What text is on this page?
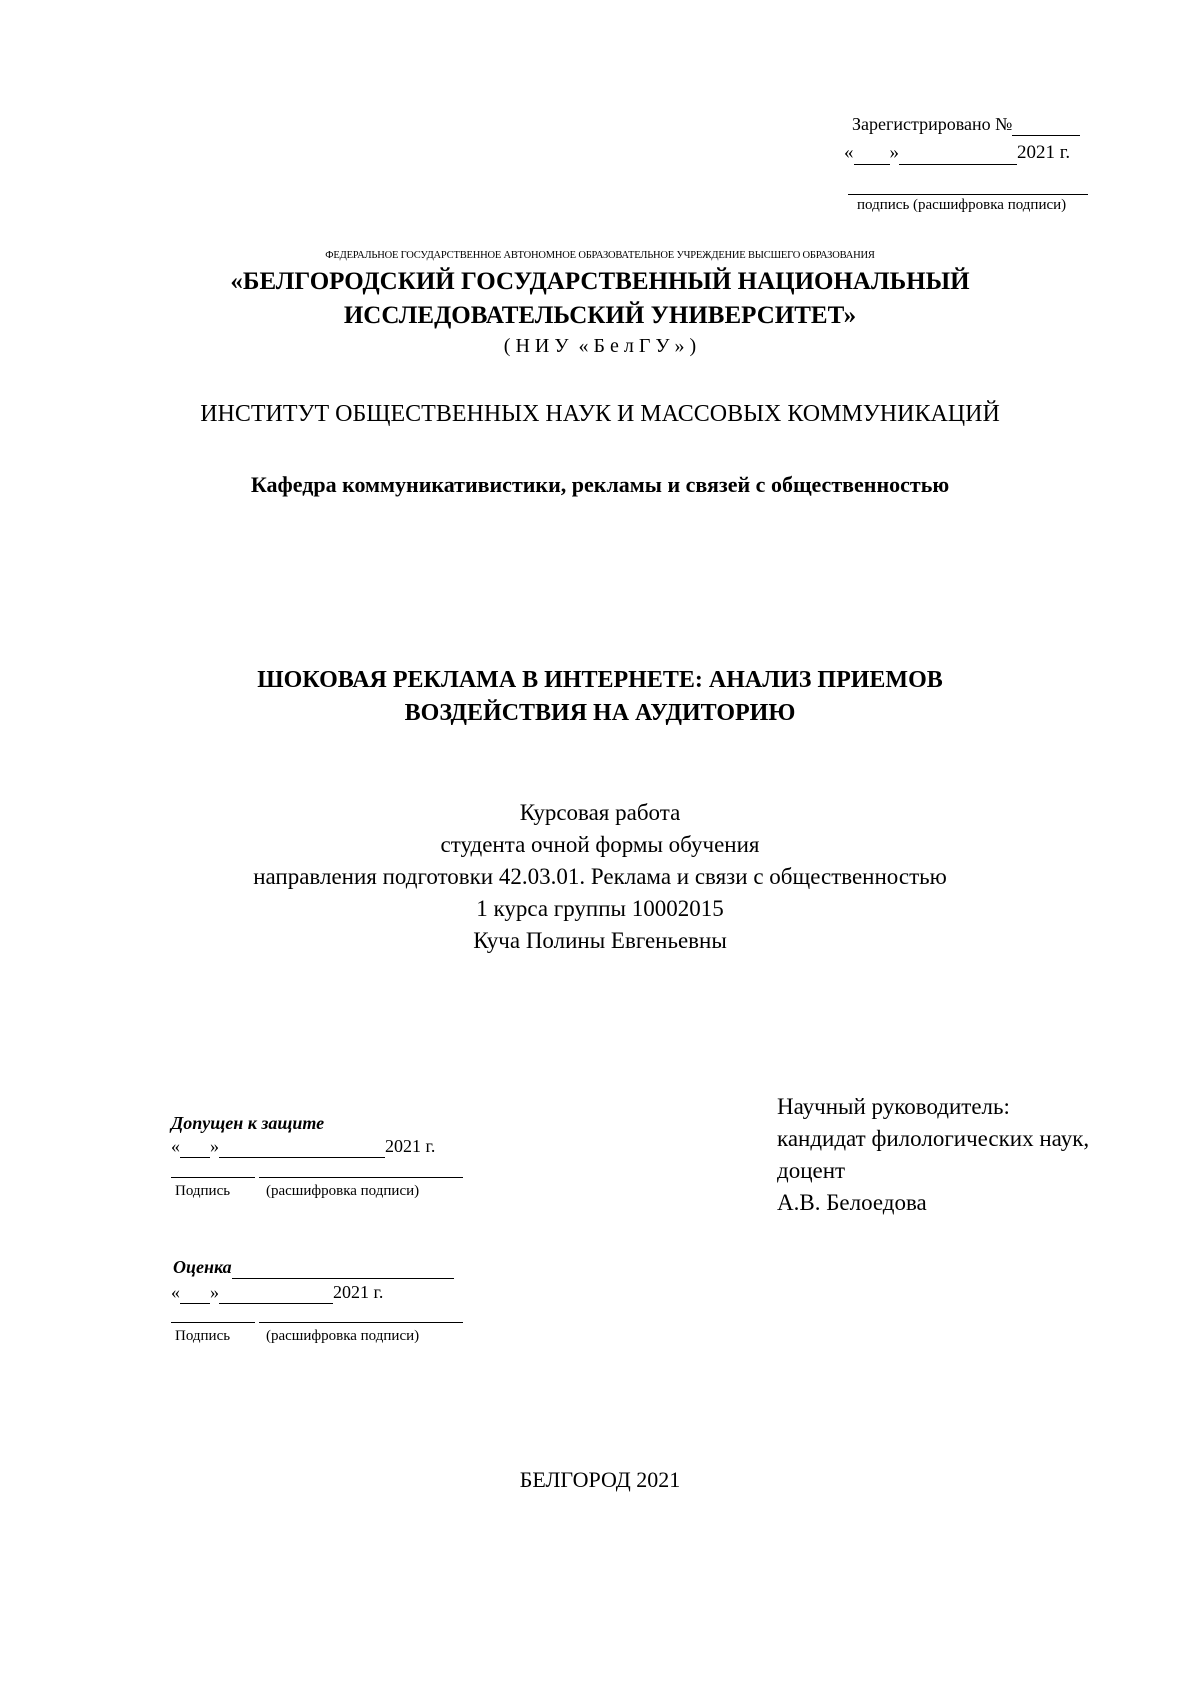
Зарегистрировано №
« »	2021 г.
подпись (расшифровка подписи)
ФЕДЕРАЛЬНОЕ ГОСУДАРСТВЕННОЕ АВТОНОМНОЕ ОБРАЗОВАТЕЛЬНОЕ УЧРЕЖДЕНИЕ ВЫСШЕГО ОБРАЗОВАНИЯ
«БЕЛГОРОДСКИЙ ГОСУДАРСТВЕННЫЙ НАЦИОНАЛЬНЫЙ
ИССЛЕДОВАТЕЛЬСКИЙ УНИВЕРСИТЕТ»
( Н И У  « Б е л Г У » )
ИНСТИТУТ ОБЩЕСТВЕННЫХ НАУК И МАССОВЫХ КОММУНИКАЦИЙ
Кафедра коммуникативистики, рекламы и связей с общественностью
ШОКОВАЯ РЕКЛАМА В ИНТЕРНЕТЕ: АНАЛИЗ ПРИЕМОВ
ВОЗДЕЙСТВИЯ НА АУДИТОРИЮ
Курсовая работа
студента очной формы обучения
направления подготовки 42.03.01. Реклама и связи с общественностью
1 курса группы 10002015
Куча Полины Евгеньевны
Допущен к защите
« »	2021 г.
Подпись (расшифровка подписи)
Оценка
« »	2021 г.
Подпись (расшифровка подписи)
Научный руководитель:
кандидат филологических наук,
доцент
А.В. Белоедова
БЕЛГОРОД 2021
